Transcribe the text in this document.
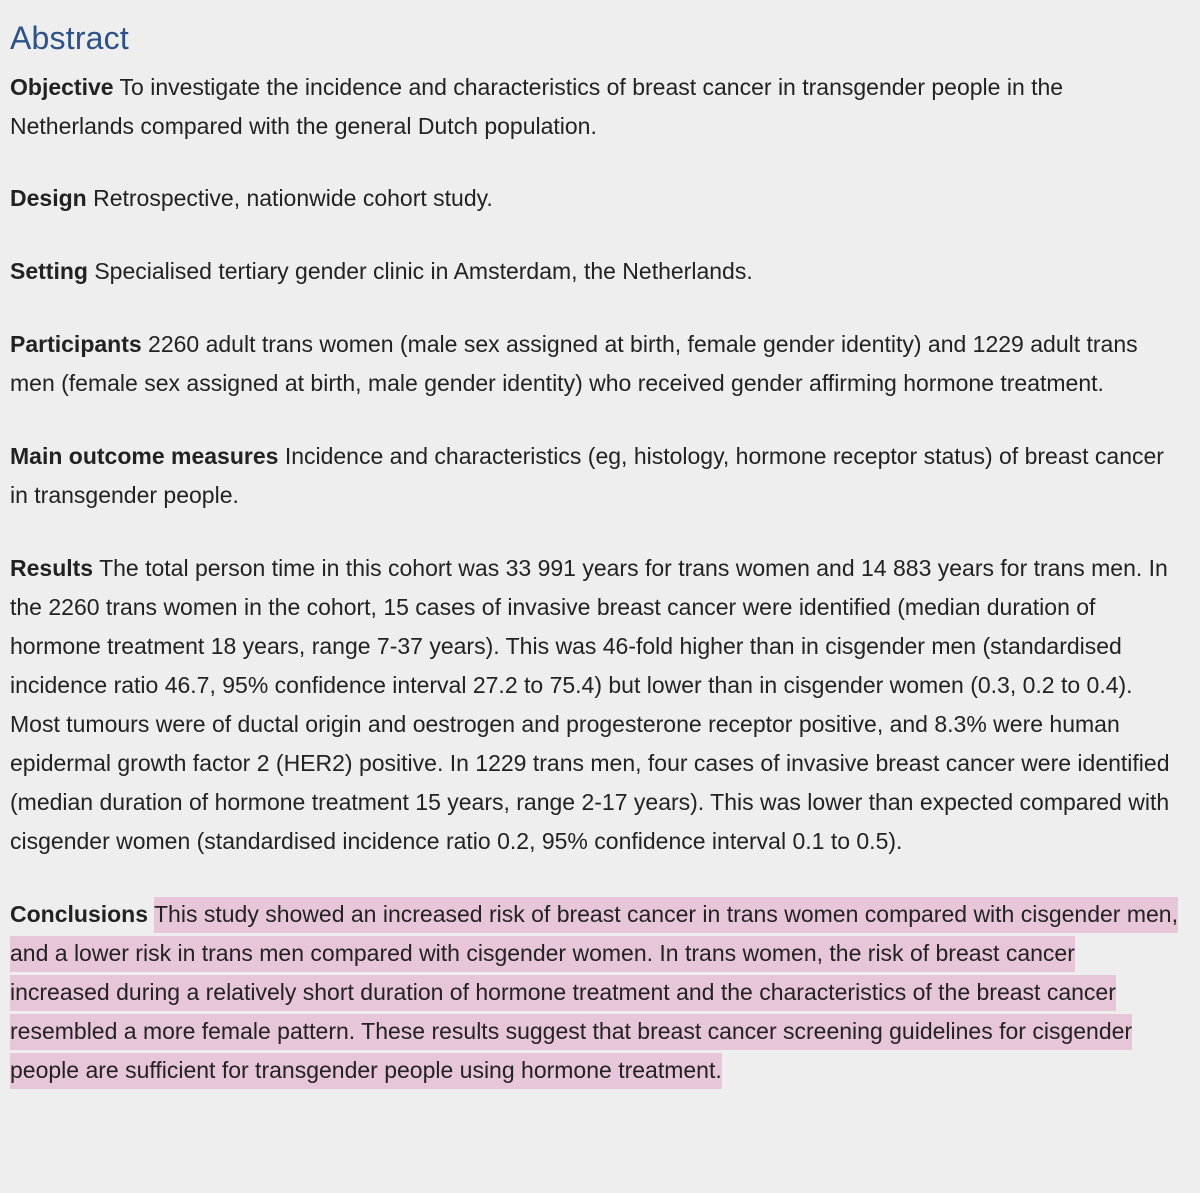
Abstract

Objective To investigate the incidence and characteristics of breast cancer in transgender people in the Netherlands compared with the general Dutch population.

Design Retrospective, nationwide cohort study.

Setting Specialised tertiary gender clinic in Amsterdam, the Netherlands.

Participants 2260 adult trans women (male sex assigned at birth, female gender identity) and 1229 adult trans men (female sex assigned at birth, male gender identity) who received gender affirming hormone treatment.

Main outcome measures Incidence and characteristics (eg, histology, hormone receptor status) of breast cancer in transgender people.

Results The total person time in this cohort was 33 991 years for trans women and 14 883 years for trans men. In the 2260 trans women in the cohort, 15 cases of invasive breast cancer were identified (median duration of hormone treatment 18 years, range 7-37 years). This was 46-fold higher than in cisgender men (standardised incidence ratio 46.7, 95% confidence interval 27.2 to 75.4) but lower than in cisgender women (0.3, 0.2 to 0.4). Most tumours were of ductal origin and oestrogen and progesterone receptor positive, and 8.3% were human epidermal growth factor 2 (HER2) positive. In 1229 trans men, four cases of invasive breast cancer were identified (median duration of hormone treatment 15 years, range 2-17 years). This was lower than expected compared with cisgender women (standardised incidence ratio 0.2, 95% confidence interval 0.1 to 0.5).

Conclusions This study showed an increased risk of breast cancer in trans women compared with cisgender men, and a lower risk in trans men compared with cisgender women. In trans women, the risk of breast cancer increased during a relatively short duration of hormone treatment and the characteristics of the breast cancer resembled a more female pattern. These results suggest that breast cancer screening guidelines for cisgender people are sufficient for transgender people using hormone treatment.
